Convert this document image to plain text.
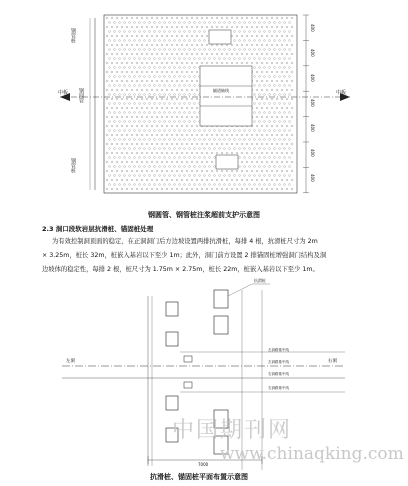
钢管桩
钢圆管
钢管桩
中板	中板
隧道轴线
400
400
400
400
400
400
400
钢圆管、钢管桩注浆超前支护示意图
2.3 洞口段软岩层抗滑桩、锚固桩处理
为有效控制洞顶面的稳定，在正洞洞门后方边坡设置两排抗滑桩，每排 4 根，抗滑桩尺寸为 2m
× 3.25m，桩长 32m，桩嵌入基岩以下至少 1m；此外，洞门前方设置 2 排锚固桩增强洞门结构及洞
边坡体的稳定性，每排 2 根，桩尺寸为 1.75m × 2.75m，桩长 22m，桩嵌入基岩以下至少 1m。
左洞	右洞
抗滑桩
左洞路基中线
左洞路基中线
右洞路基中线
右洞路基中线
7000
中国期刊网
www.chinaqking.com
抗滑桩、锚固桩平面布置示意图
